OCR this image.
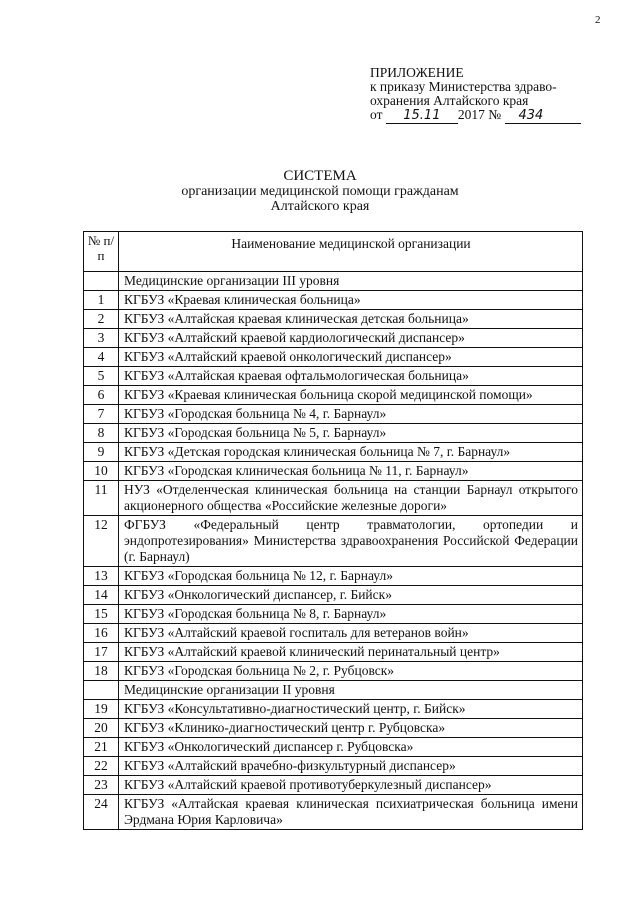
2
ПРИЛОЖЕНИЕ
к приказу Министерства здраво-
охранения Алтайского края
от 15.11 2017 № 434
СИСТЕМА
организации медицинской помощи гражданам
Алтайского края
№ п/п	Наименование медицинской организации
	Медицинские организации III уровня
1	КГБУЗ «Краевая клиническая больница»
2	КГБУЗ «Алтайская краевая клиническая детская больница»
3	КГБУЗ «Алтайский краевой кардиологический диспансер»
4	КГБУЗ «Алтайский краевой онкологический диспансер»
5	КГБУЗ «Алтайская краевая офтальмологическая больница»
6	КГБУЗ «Краевая клиническая больница скорой медицинской помощи»
7	КГБУЗ «Городская больница № 4, г. Барнаул»
8	КГБУЗ «Городская больница № 5, г. Барнаул»
9	КГБУЗ «Детская городская клиническая больница № 7, г. Барнаул»
10	КГБУЗ «Городская клиническая больница № 11, г. Барнаул»
11	НУЗ «Отделенческая клиническая больница на станции Барнаул открытого акционерного общества «Российские железные дороги»
12	ФГБУЗ «Федеральный центр травматологии, ортопедии и эндопротезирования» Министерства здравоохранения Российской Федерации (г. Барнаул)
13	КГБУЗ «Городская больница № 12, г. Барнаул»
14	КГБУЗ «Онкологический диспансер, г. Бийск»
15	КГБУЗ «Городская больница № 8, г. Барнаул»
16	КГБУЗ «Алтайский краевой госпиталь для ветеранов войн»
17	КГБУЗ «Алтайский краевой клинический перинатальный центр»
18	КГБУЗ «Городская больница № 2, г. Рубцовск»
	Медицинские организации II уровня
19	КГБУЗ «Консультативно-диагностический центр, г. Бийск»
20	КГБУЗ «Клинико-диагностический центр г. Рубцовска»
21	КГБУЗ «Онкологический диспансер г. Рубцовска»
22	КГБУЗ «Алтайский врачебно-физкультурный диспансер»
23	КГБУЗ «Алтайский краевой противотуберкулезный диспансер»
24	КГБУЗ «Алтайская краевая клиническая психиатрическая больница имени Эрдмана Юрия Карловича»
